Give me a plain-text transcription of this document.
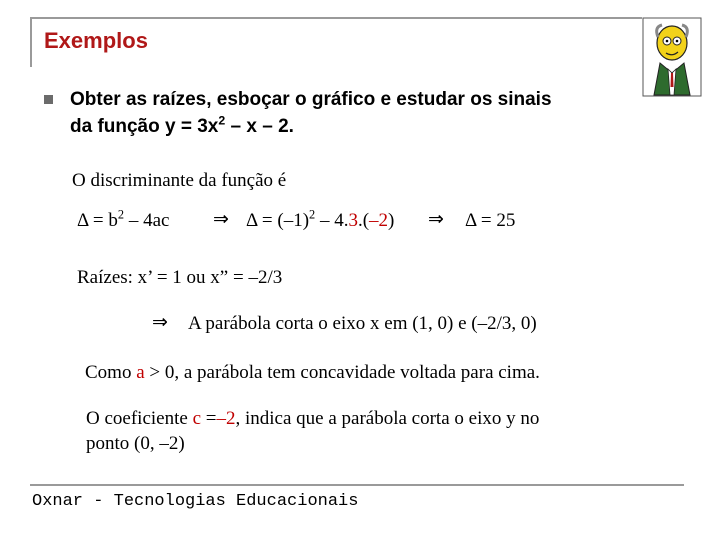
Exemplos
Obter as raízes, esboçar o gráfico e estudar os sinais
da função $y = 3x^2 - x - 2$.
O discriminante da função é
$\Delta = b^2 - 4ac$ ⇒ $\Delta = (-1)^2 - 4.3.(-2)$ ⇒ Δ = 25
Raízes: x’ = 1 ou x” = –2/3
⇒ A parábola corta o eixo x em (1, 0) e (–2/3, 0)
Como a > 0, a parábola tem concavidade voltada para cima.
O coeficiente c =–2, indica que a parábola corta o eixo y no
ponto (0, –2)
Oxnar - Tecnologias Educacionais
